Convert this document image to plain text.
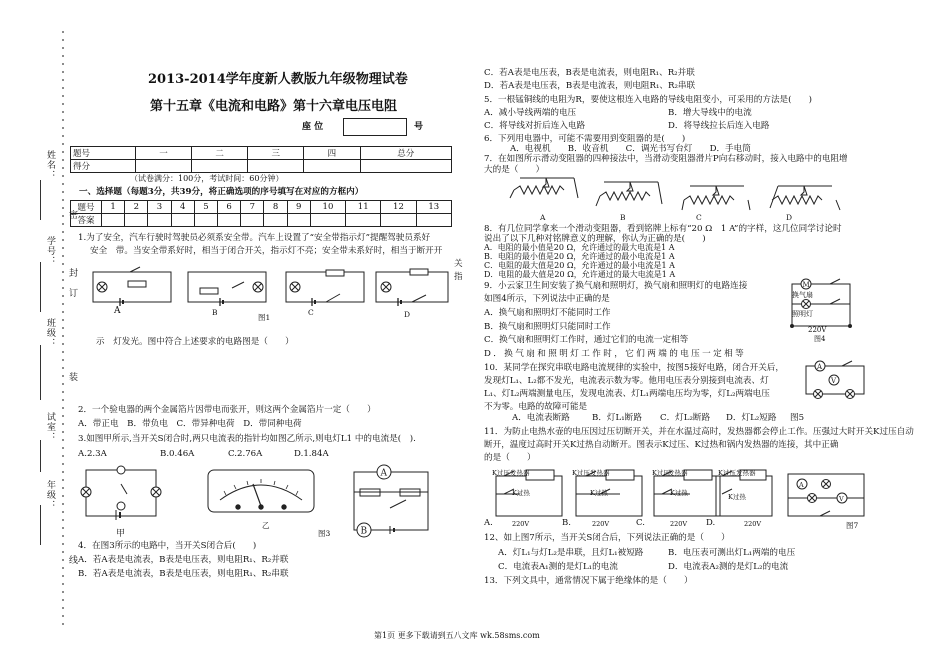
姓名：
学号：
班级：
试室：
年级：
密
封
订
装
线
2013-2014学年度新人教版九年级物理试卷
第十五章《电流和电路》第十六章电压电阻
座 位	号
题号	一	二	三	四	总分
得分					
（试卷满分：100分，考试时间：60分钟）
一、选择题（每题3分，共39分，将正确选项的序号填写在对应的方框内）
题号	1	2	3	4	5	6	7	8	9	10	11	12	13
答案													
1.为了安全，汽车行驶时驾驶员必须系安全带。汽车上设置了“安全带指示灯”提醒驾驶员系好
安全　带。当安全带系好时，相当于闭合开关，指示灯不亮；安全带未系好时，相当于断开开
关
指
A	B	C	D
图1
示　灯发光。图中符合上述要求的电路图是（　　）
2．一个验电器的两个金属箔片因带电而张开，则这两个金属箔片一定（　　）
A．带正电　B．带负电　C．带异种电荷　D．带同种电荷
3.如图甲所示,当开关S闭合时,两只电流表的指针均如图乙所示,则电灯L1 中的电流是(　).
A.2.3A	B.0.46A	C.2.76A	D.1.84A
甲
乙
A
B
图3
4．在图3所示的电路中，当开关S闭合后(　　)
A．若A表是电流表，B表是电压表，则电阻R₁、R₂并联
B．若A表是电流表，B表是电压表，则电阻R₁、R₂串联
C．若A表是电压表，B表是电流表，则电阻R₁、R₂并联
D．若A表是电压表，B表是电流表，则电阻R₁、R₂串联
5．一根锰铜线的电阻为R，要使这根连入电路的导线电阻变小，可采用的方法是(　　)
A．减小导线两端的电压	B．增大导线中的电流
C．将导线对折后连入电路	D．将导线拉长后连入电路
6．下列用电器中，可能不需要用到变阻器的是(　　)
A．电视机　　B．收音机　　C．调光书写台灯　　D．手电筒
7．在如图所示滑动变阻器的四种接法中，当滑动变阻器滑片P向右移动时，接入电路中的电阻增
大的是（　　）
A	B	C	D
8．有几位同学拿来一个滑动变阻器，看到铭牌上标有“20 Ω　1 A”的字样，这几位同学讨论时
说出了以下几种对铭牌意义的理解，你认为正确的是(　　)
A．电阻的最小值是20 Ω，允许通过的最大电流是1 A
B．电阻的最小值是20 Ω，允许通过的最小电流是1 A
C．电阻的最大值是20 Ω，允许通过的最小电流是1 A
D．电阻的最大值是20 Ω，允许通过的最大电流是1 A
9．小云家卫生间安装了换气扇和照明灯，换气扇和照明灯的电路连接
如图4所示，下列说法中正确的是
A．换气扇和照明灯不能同时工作
B．换气扇和照明灯只能同时工作
C．换气扇和照明灯工作时，通过它们的电流一定相等
D．换气扇和照明灯工作时，它们两端的电压一定相等
M
换气扇
照明灯
220V
图4
10．某同学在探究串联电路电流规律的实验中，按图5接好电路，闭合开关后，
发现灯L₁、L₂都不发光，电流表示数为零。他用电压表分别接到电流表、灯
L₁、灯L₂两端测量电压，发现电流表、灯L₁两端电压均为零，灯L₂两端电压
不为零。电路的故障可能是
A．电流表断路	B．灯L₁断路 C．灯L₂断路 D．灯L₂短路 图5
A
V
11．为防止电热水壶的电压因过压切断开关，并在水温过高时，发热器都会停止工作。压强过大时开关K过压自动
断开，温度过高时开关K过热自动断开。图表示K过压、K过热和锅内发热器的连接，其中正确
的是（　　）
A
V
发热器
K过压
K过热
发热器
K过压
K过热
发热器
K过压
K过热
发热器
K过压
K过热
220V	220V	220V	220V
A.	B.	C.	D.	图7
12、如上图7所示，当开关S闭合后，下列说法正确的是（　　）
A．灯L₁与灯L₂是串联，且灯L₁被短路	B．电压表可测出灯L₁两端的电压
C．电流表A₁测的是灯L₁的电流	D．电流表A₂测的是灯L₂的电流
13．下列文具中，通常情况下属于绝缘体的是（　　）
第1页 更多下载请到五八文库 wk.58sms.com
